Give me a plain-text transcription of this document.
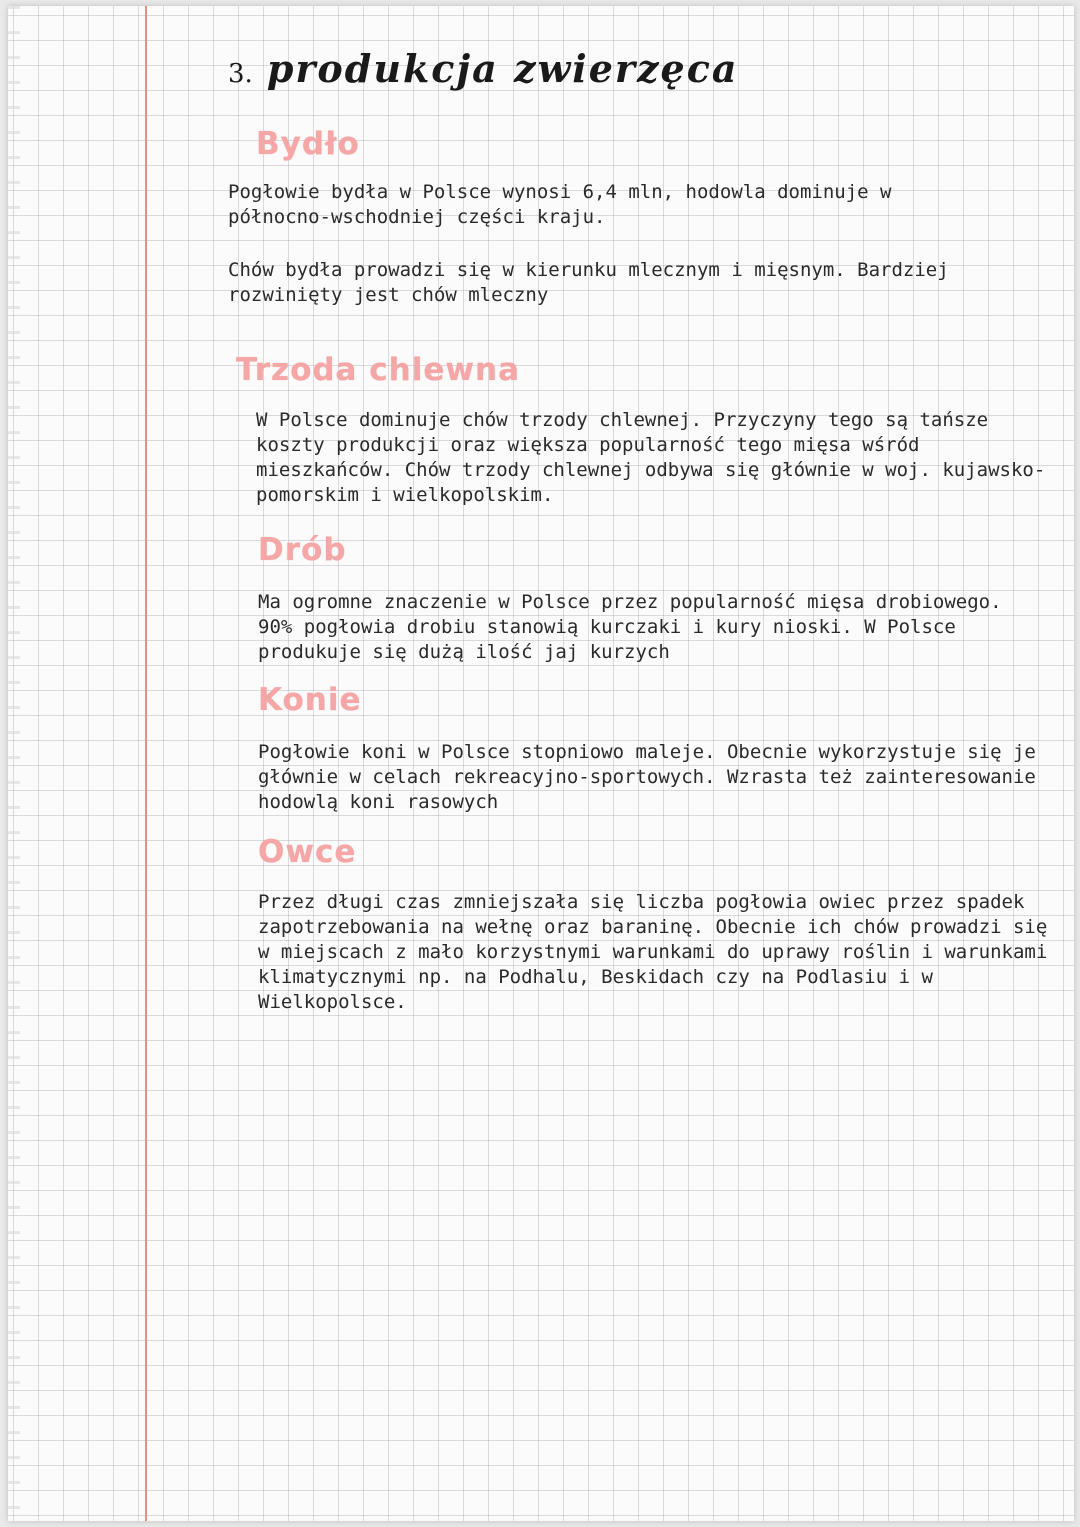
3. produkcja zwierzęca
Bydło

Pogłowie bydła w Polsce wynosi 6,4 mln, hodowla dominuje w północno-wschodniej części kraju.

Chów bydła prowadzi się w kierunku mlecznym i mięsnym. Bardziej rozwinięty jest chów mleczny

Trzoda chlewna

W Polsce dominuje chów trzody chlewnej. Przyczyny tego są tańsze koszty produkcji oraz większa popularność tego mięsa wśród mieszkańców. Chów trzody chlewnej odbywa się głównie w woj. kujawsko-pomorskim i wielkopolskim.

Drób

Ma ogromne znaczenie w Polsce przez popularność mięsa drobiowego. 90% pogłowia drobiu stanowią kurczaki i kury nioski. W Polsce produkuje się dużą ilość jaj kurzych

Konie

Pogłowie koni w Polsce stopniowo maleje. Obecnie wykorzystuje się je głównie w celach rekreacyjno-sportowych. Wzrasta też zainteresowanie hodowlą koni rasowych

Owce

Przez długi czas zmniejszała się liczba pogłowia owiec przez spadek zapotrzebowania na wełnę oraz baraninę. Obecnie ich chów prowadzi się w miejscach z mało korzystnymi warunkami do uprawy roślin i warunkami klimatycznymi np. na Podhalu, Beskidach czy na Podlasiu i w Wielkopolsce.
